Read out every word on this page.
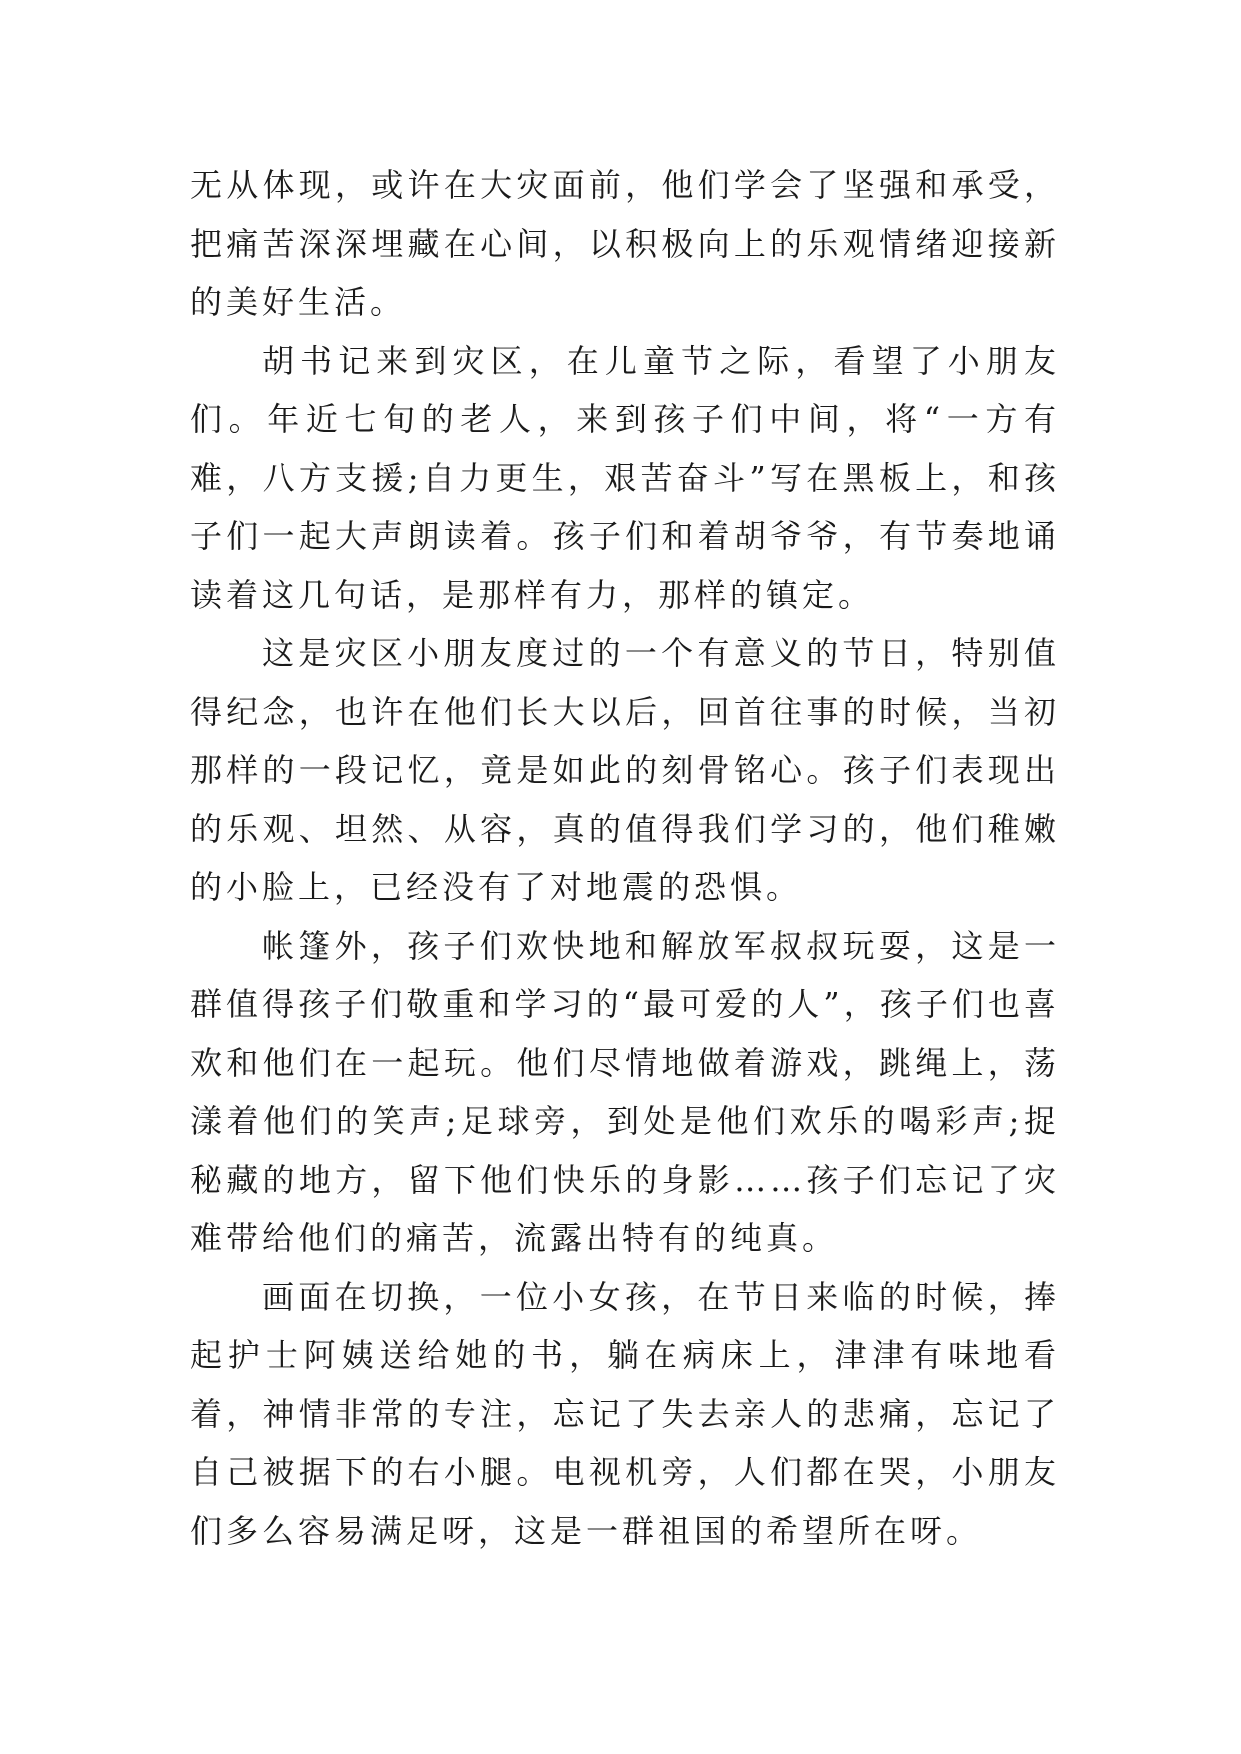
无从体现，或许在大灾面前，他们学会了坚强和承受，把痛苦深深埋藏在心间，以积极向上的乐观情绪迎接新的美好生活。

胡书记来到灾区，在儿童节之际，看望了小朋友们。年近七旬的老人，来到孩子们中间，将“一方有难，八方支援;自力更生，艰苦奋斗”写在黑板上，和孩子们一起大声朗读着。孩子们和着胡爷爷，有节奏地诵读着这几句话，是那样有力，那样的镇定。

这是灾区小朋友度过的一个有意义的节日，特别值得纪念，也许在他们长大以后，回首往事的时候，当初那样的一段记忆，竟是如此的刻骨铭心。孩子们表现出的乐观、坦然、从容，真的值得我们学习的，他们稚嫩的小脸上，已经没有了对地震的恐惧。

帐篷外，孩子们欢快地和解放军叔叔玩耍，这是一群值得孩子们敬重和学习的“最可爱的人”，孩子们也喜欢和他们在一起玩。他们尽情地做着游戏，跳绳上，荡漾着他们的笑声;足球旁，到处是他们欢乐的喝彩声;捉秘藏的地方，留下他们快乐的身影……孩子们忘记了灾难带给他们的痛苦，流露出特有的纯真。

画面在切换，一位小女孩，在节日来临的时候，捧起护士阿姨送给她的书，躺在病床上，津津有味地看着，神情非常的专注，忘记了失去亲人的悲痛，忘记了自己被据下的右小腿。电视机旁，人们都在哭，小朋友们多么容易满足呀，这是一群祖国的希望所在呀。
